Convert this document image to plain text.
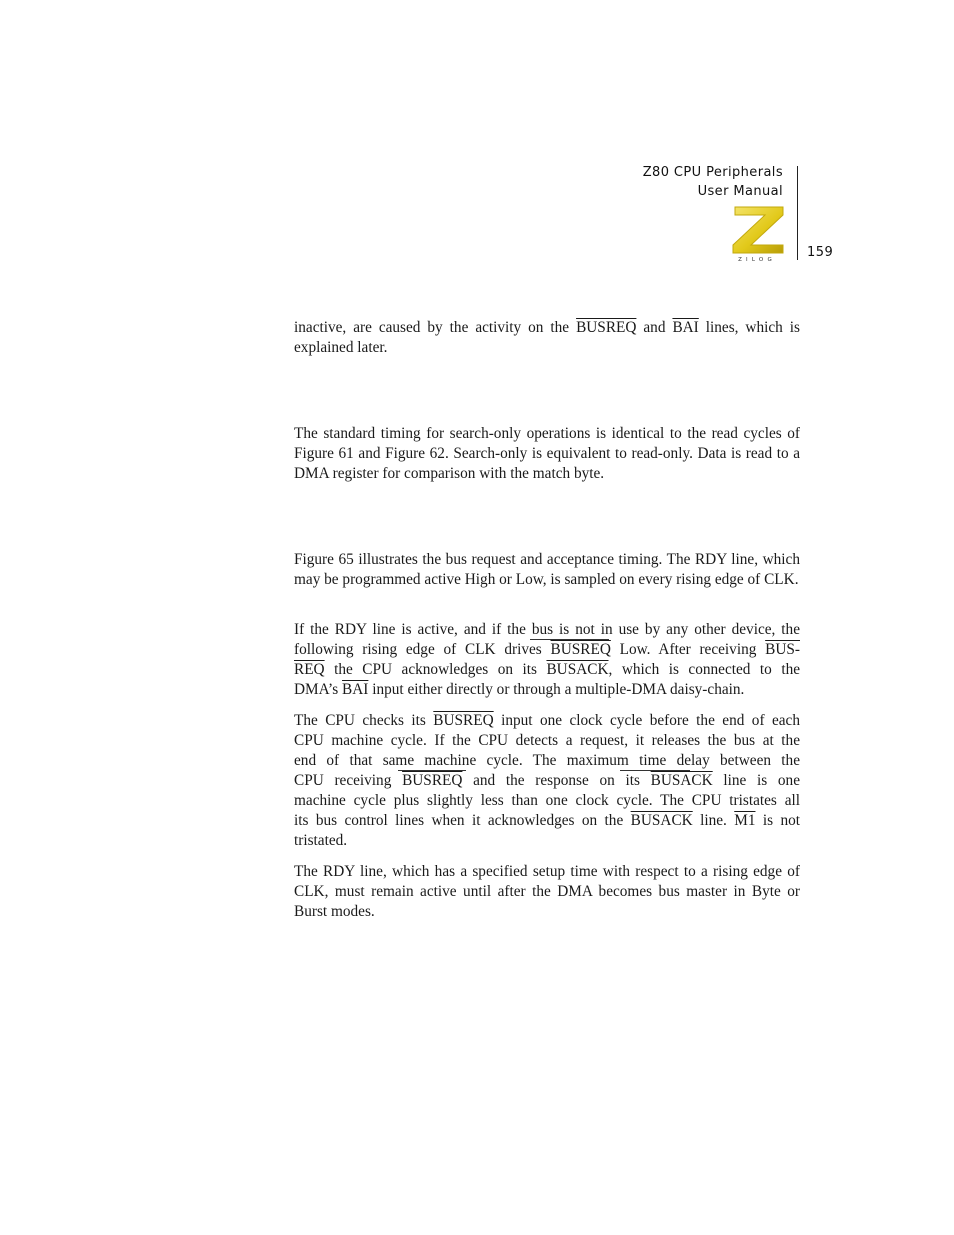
Z80 CPU Peripherals
User Manual
ZILOG 159

inactive, are caused by the activity on the BUSREQ and $\overline{BAI}$ lines, which is explained later.

The standard timing for search-only operations is identical to the read cycles of Figure 61 and Figure 62. Search-only is equivalent to read-only. Data is read to a DMA register for comparison with the match byte.

Figure 65 illustrates the bus request and acceptance timing. The RDY line, which may be programmed active High or Low, is sampled on every rising edge of CLK.

If the RDY line is active, and if the bus is not in use by any other device, the
following rising edge of CLK drives BUSREQ Low. After receiving BUS-
$\overline{REQ}$ the CPU acknowledges on its BUSACK, which is connected to the
DMA’s $\overline{BAI}$ input either directly or through a multiple-DMA daisy-chain.
The CPU checks its BUSREQ input one clock cycle before the end of each
CPU machine cycle. If the CPU detects a request, it releases the bus at the
end of that same machine cycle. The maximum time delay between the
CPU receiving BUSREQ and the response on its BUSACK line is one
machine cycle plus slightly less than one clock cycle. The CPU tristates all
its bus control lines when it acknowledges on the BUSACK line. M1 is not
tristated.

The RDY line, which has a specified setup time with respect to a rising edge of CLK, must remain active until after the DMA becomes bus master in Byte or Burst modes.
